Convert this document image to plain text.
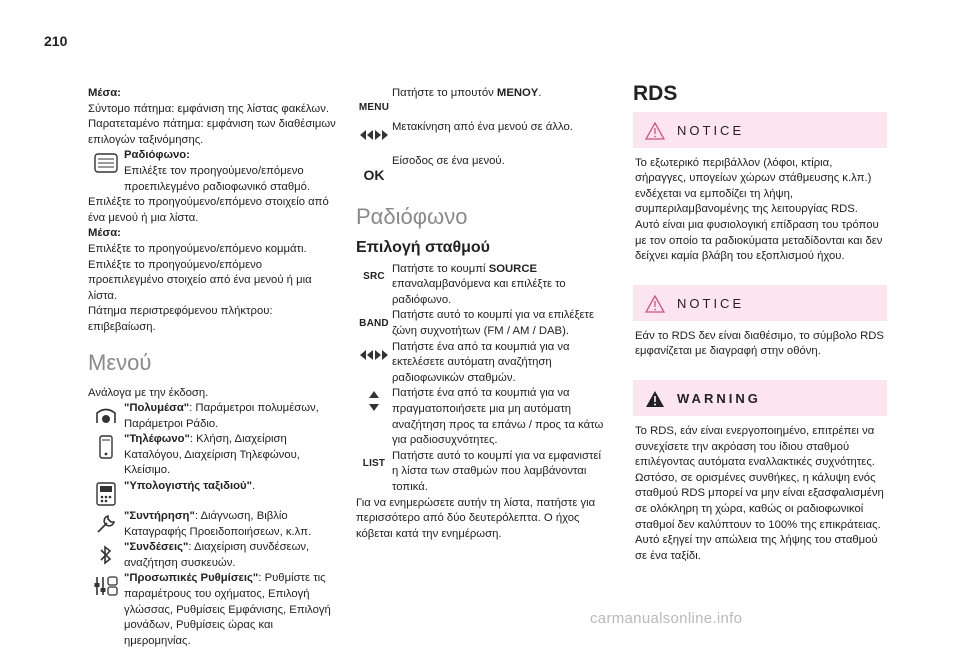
210

Μέσα:

Σύντομο πάτημα: εμφάνιση της λίστας φακέλων.

Παρατεταμένο πάτημα: εμφάνιση των διαθέσιμων επιλογών ταξινόμησης.

Ραδιόφωνο:

Επιλέξτε τον προηγούμενο/επόμενο προεπιλεγμένο ραδιοφωνικό σταθμό.

Επιλέξτε το προηγούμενο/επόμενο στοιχείο από ένα μενού ή μια λίστα.

Μέσα:

Επιλέξτε το προηγούμενο/επόμενο κομμάτι.

Επιλέξτε το προηγούμενο/επόμενο προεπιλεγμένο στοιχείο από ένα μενού ή μια λίστα.

Πάτημα περιστρεφόμενου πλήκτρου: επιβεβαίωση.

Μενού

Ανάλογα με την έκδοση.

"Πολυμέσα": Παράμετροι πολυμέσων, Παράμετροι Ράδιο.

"Τηλέφωνο": Κλήση, Διαχείριση Καταλόγου, Διαχείριση Τηλεφώνου, Κλείσιμο.

"Υπολογιστής ταξιδιού".

"Συντήρηση": Διάγνωση, Βιβλίο Καταγραφής Προειδοποιήσεων, κ.λπ.

"Συνδέσεις": Διαχείριση συνδέσεων, αναζήτηση συσκευών.

"Προσωπικές Ρυθμίσεις": Ρυθμίστε τις παραμέτρους του οχήματος, Επιλογή γλώσσας, Ρυθμίσεις Εμφάνισης, Επιλογή μονάδων, Ρυθμίσεις ώρας και ημερομηνίας.

MENU

Πατήστε το μπουτόν MENOY.

Μετακίνηση από ένα μενού σε άλλο.

OK

Είσοδος σε ένα μενού.

Ραδιόφωνο
Επιλογή σταθμού
SRC

Πατήστε το κουμπί SOURCE επαναλαμβανόμενα και επιλέξτε το ραδιόφωνο.

BAND

Πατήστε αυτό το κουμπί για να επιλέξετε ζώνη συχνοτήτων (FM / AM / DAB).

Πατήστε ένα από τα κουμπιά για να εκτελέσετε αυτόματη αναζήτηση ραδιοφωνικών σταθμών.

Πατήστε ένα από τα κουμπιά για να πραγματοποιήσετε μια μη αυτόματη αναζήτηση προς τα επάνω / προς τα κάτω για ραδιοσυχνότητες.

LIST

Πατήστε αυτό το κουμπί για να εμφανιστεί η λίστα των σταθμών που λαμβάνονται τοπικά.

Για να ενημερώσετε αυτήν τη λίστα, πατήστε για περισσότερο από δύο δευτερόλεπτα. Ο ήχος κόβεται κατά την ενημέρωση.

RDS
NOTICE
Το εξωτερικό περιβάλλον (λόφοι, κτίρια, σήραγγες, υπογείων χώρων στάθμευσης κ.λπ.) ενδέχεται να εμποδίζει τη λήψη, συμπεριλαμβανομένης της λειτουργίας RDS. Αυτό είναι μια φυσιολογική επίδραση του τρόπου με τον οποίο τα ραδιοκύματα μεταδίδονται και δεν δείχνει καμία βλάβη του εξοπλισμού ήχου.
NOTICE
Εάν το RDS δεν είναι διαθέσιμο, το σύμβολο RDS εμφανίζεται με διαγραφή στην οθόνη.
WARNING
Το RDS, εάν είναι ενεργοποιημένο, επιτρέπει να συνεχίσετε την ακρόαση του ίδιου σταθμού επιλέγοντας αυτόματα εναλλακτικές συχνότητες. Ωστόσο, σε ορισμένες συνθήκες, η κάλυψη ενός σταθμού RDS μπορεί να μην είναι εξασφαλισμένη σε ολόκληρη τη χώρα, καθώς οι ραδιοφωνικοί σταθμοί δεν καλύπτουν το 100% της επικράτειας. Αυτό εξηγεί την απώλεια της λήψης του σταθμού σε ένα ταξίδι.
carmanualsonline.info
